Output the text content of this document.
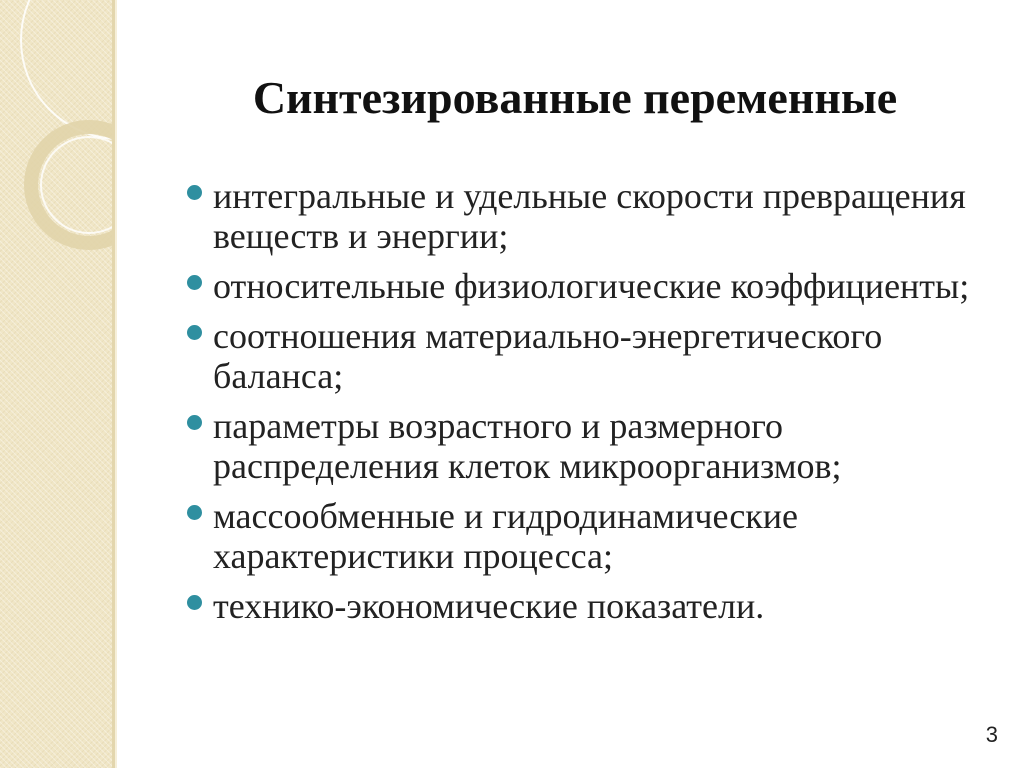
Синтезированные переменные
интегральные и удельные скорости превращения веществ и энергии;
относительные физиологические коэффициенты;
соотношения материально-энергетического баланса;
параметры возрастного и размерного распределения клеток микроорганизмов;
массообменные и гидродинамические характеристики процесса;
технико-экономические показатели.
3
